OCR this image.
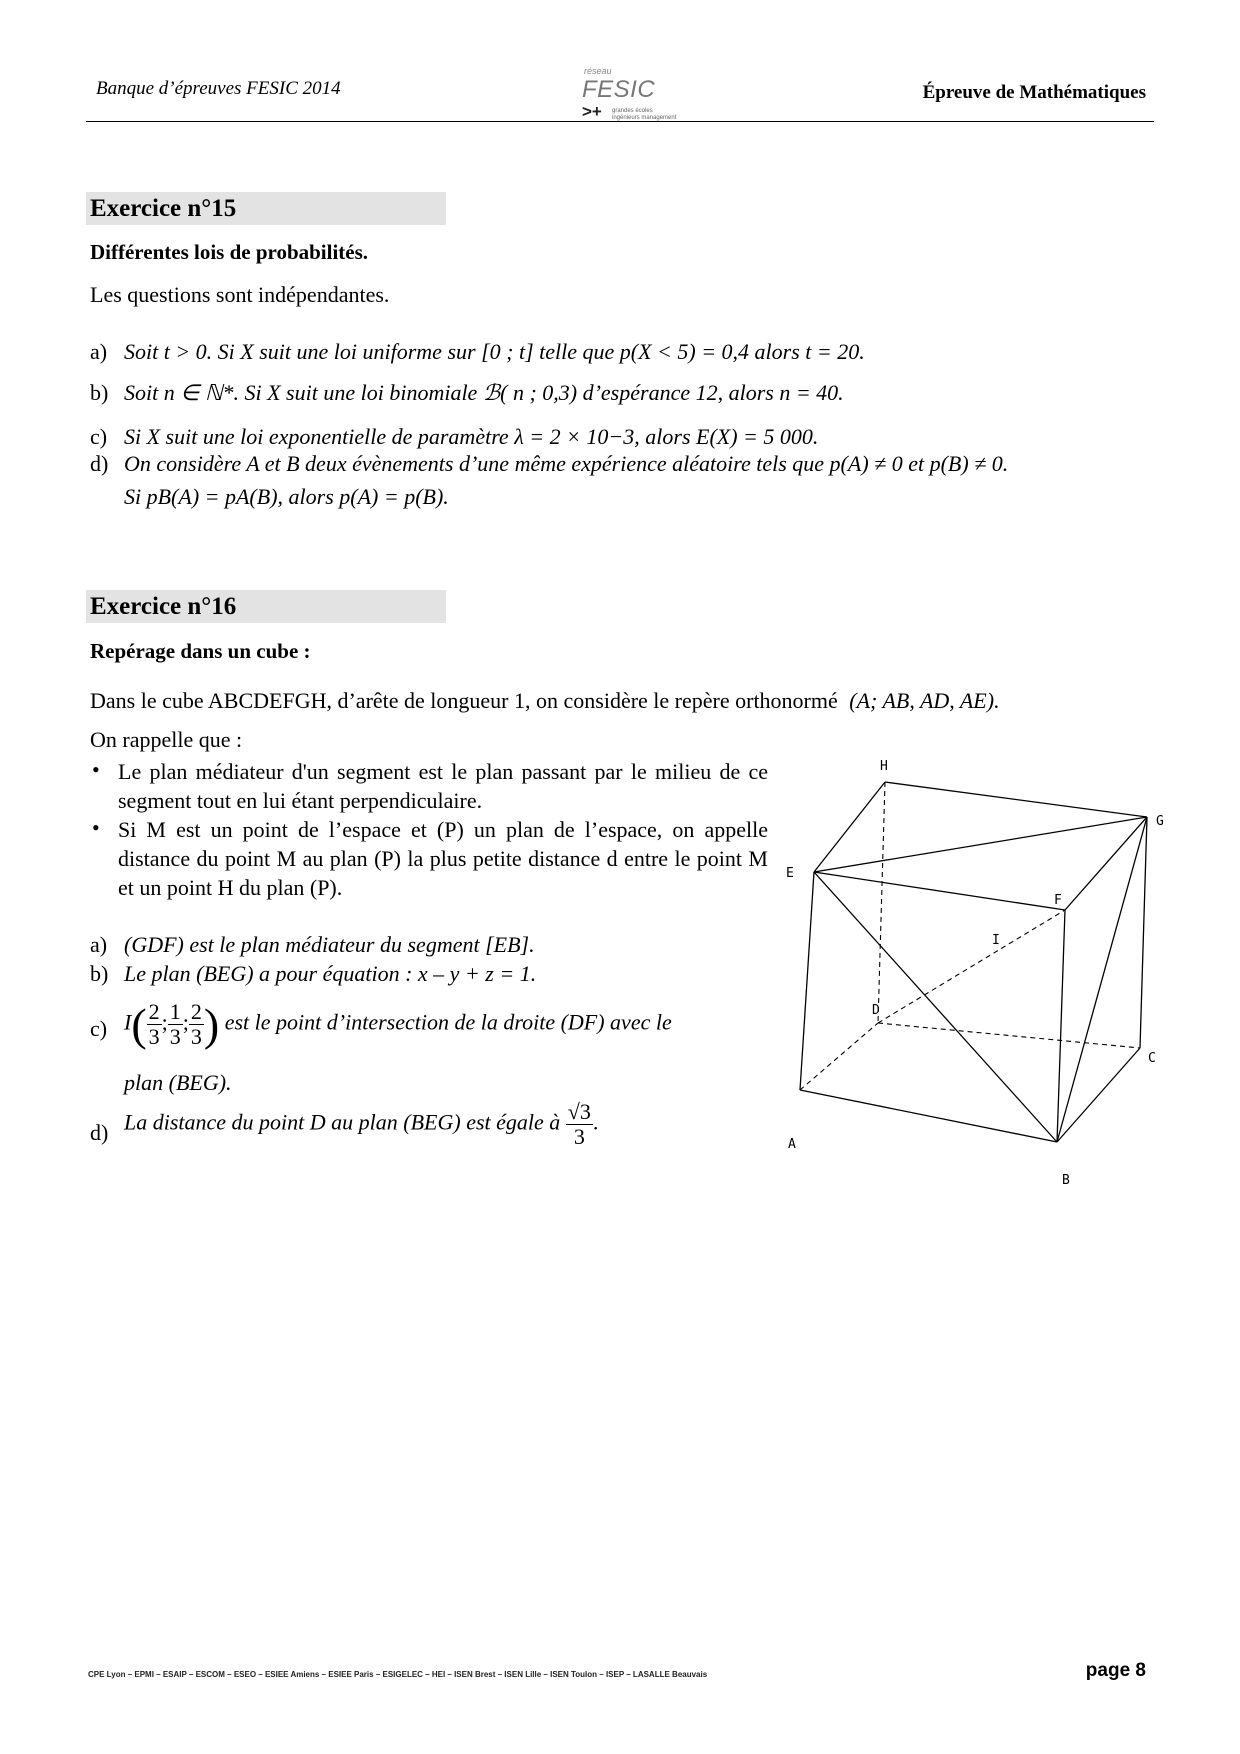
Banque d’épreuves FESIC 2014
réseau
FESIC
>+ grandes écoles ingénieurs management
Épreuve de Mathématiques
Exercice n°15
Différentes lois de probabilités.
Les questions sont indépendantes.
a) Soit t > 0. Si X suit une loi uniforme sur [0 ; t] telle que p(X < 5) = 0,4 alors t = 20.
b) Soit n ∈ ℕ*. Si X suit une loi binomiale ℬ( n ; 0,3) d’espérance 12, alors n = 40.
c) Si X suit une loi exponentielle de paramètre λ = 2 × 10−3, alors E(X) = 5 000.
d) On considère A et B deux évènements d’une même expérience aléatoire tels que p(A) ≠ 0 et p(B) ≠ 0.
Si pB(A) = pA(B), alors p(A) = p(B).
Exercice n°16
Repérage dans un cube :
Dans le cube ABCDEFGH, d’arête de longueur 1, on considère le repère orthonormé (A; AB, AD, AE).
On rappelle que :
• Le plan médiateur d'un segment est le plan passant par le milieu de ce segment tout en lui étant perpendiculaire.
• Si M est un point de l’espace et (P) un plan de l’espace, on appelle distance du point M au plan (P) la plus petite distance d entre le point M et un point H du plan (P).
a) (GDF) est le plan médiateur du segment [EB].
b) Le plan (BEG) a pour équation : x – y + z = 1.
c) $I( \frac{2}{3}$ ; $\frac{1}{3}$ ; $\frac{2}{3}$ ) est le point d’intersection de la droite (DF) avec le
plan (BEG).
d) La distance du point D au plan (BEG) est égale à $\frac{√3}{3}$ .
H
G
E
F
I
D
C
A
B
CPE Lyon – EPMI – ESAIP – ESCOM – ESEO – ESIEE Amiens – ESIEE Paris – ESIGELEC – HEI – ISEN Brest – ISEN Lille – ISEN Toulon – ISEP – LASALLE Beauvais	page 8
